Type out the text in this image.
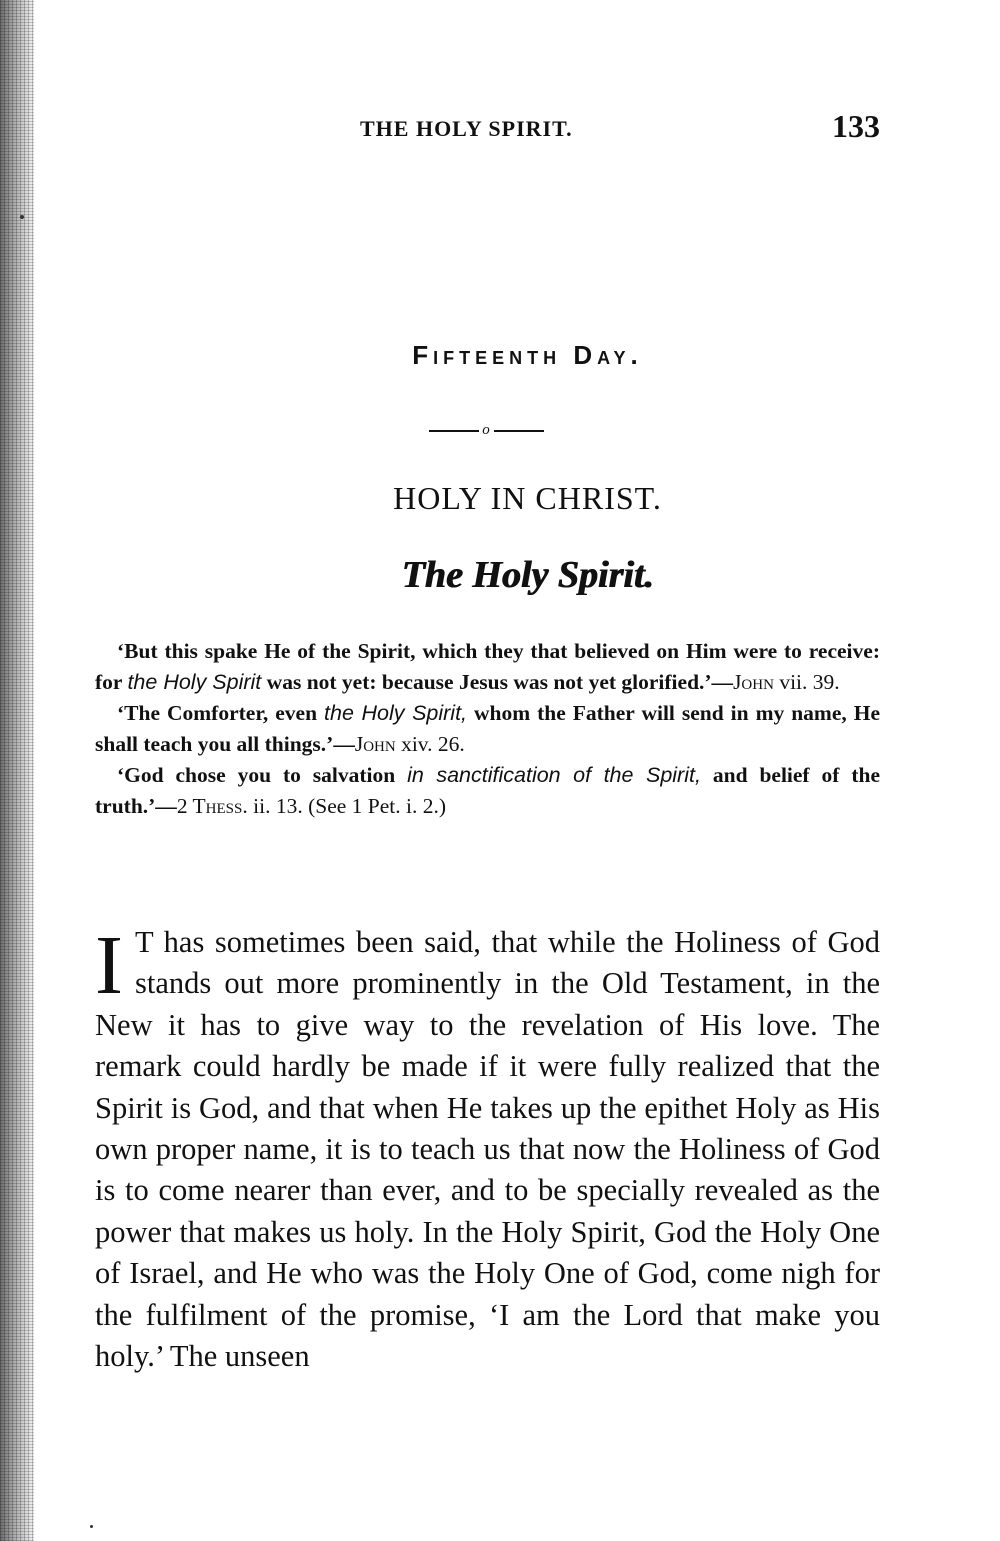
THE HOLY SPIRIT.	133
Fifteenth Day.
o
HOLY IN CHRIST.
The Holy Spirit.

‘But this spake He of the Spirit, which they that believed on Him were to receive: for the Holy Spirit was not yet: because Jesus was not yet glorified.’—John vii. 39.

‘The Comforter, even the Holy Spirit, whom the Father will send in my name, He shall teach you all things.’—John xiv. 26.

‘God chose you to salvation in sanctification of the Spirit, and belief of the truth.’—2 Thess. ii. 13. (See 1 Pet. i. 2.)

I T has sometimes been said, that while the Holiness of God stands out more prominently in the Old Testament, in the New it has to give way to the revelation of His love. The remark could hardly be made if it were fully realized that the Spirit is God, and that when He takes up the epithet Holy as His own proper name, it is to teach us that now the Holiness of God is to come nearer than ever, and to be specially revealed as the power that makes us holy. In the Holy Spirit, God the Holy One of Israel, and He who was the Holy One of God, come nigh for the fulfilment of the promise, ‘I am the Lord that make you holy.’ The unseen
